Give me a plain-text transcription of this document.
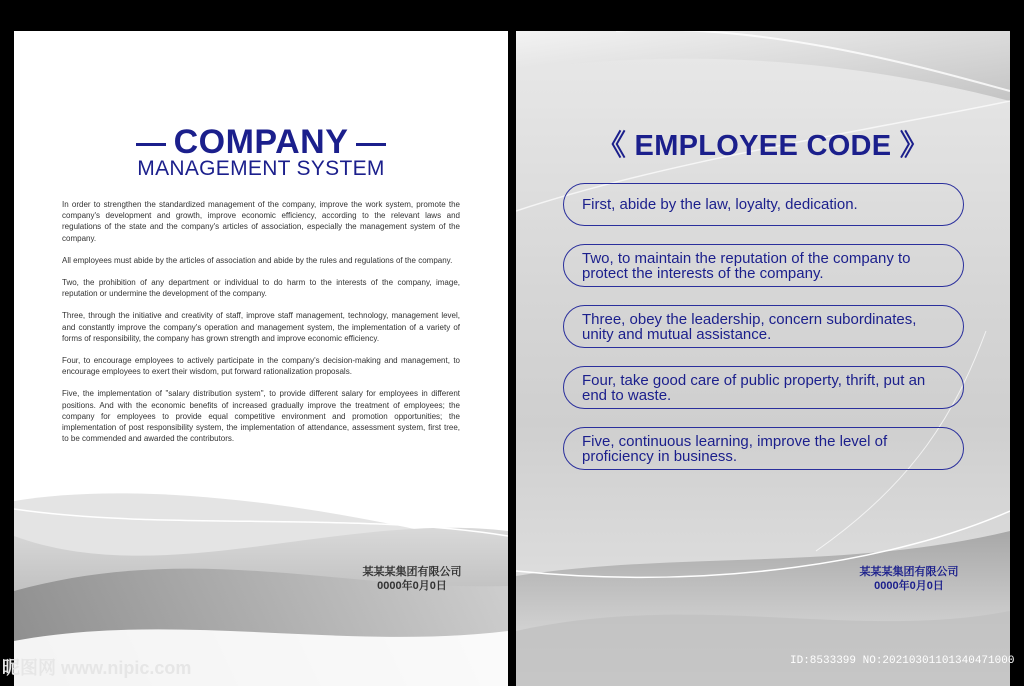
COMPANY
MANAGEMENT SYSTEM

In order to strengthen the standardized management of the company, improve the work system, promote the company's development and growth, improve economic efficiency, according to the relevant laws and regulations of the state and the company's articles of association, especially the management system of the company.

All employees must abide by the articles of association and abide by the rules and regulations of the company.

Two, the prohibition of any department or individual to do harm to the interests of the company, image, reputation or undermine the development of the company.

Three, through the initiative and creativity of staff, improve staff management, technology, management level, and constantly improve the company's operation and management system, the implementation of a variety of forms of responsibility, the company has grown strength and improve economic efficiency.

Four, to encourage employees to actively participate in the company's decision-making and management, to encourage employees to exert their wisdom, put forward rationalization proposals.

Five, the implementation of "salary distribution system", to provide different salary for employees in different positions. And with the economic benefits of increased gradually improve the treatment of employees; the company for employees to provide equal competitive environment and promotion opportunities; the implementation of post responsibility system, the implementation of attendance, assessment system, first tree, to be commended and awarded the contributors.

某某某集团有限公司
0000年0月0日
《 EMPLOYEE CODE 》
First, abide by the law, loyalty, dedication.
Two, to maintain the reputation of the company to protect the interests of the company.
Three, obey the leadership, concern subordinates, unity and mutual assistance.
Four, take good care of public property, thrift, put an end to waste.
Five, continuous learning, improve the level of proficiency in business.
某某某集团有限公司
0000年0月0日
昵图网 www.nipic.com	ID:8533399 NO:20210301101340471000
